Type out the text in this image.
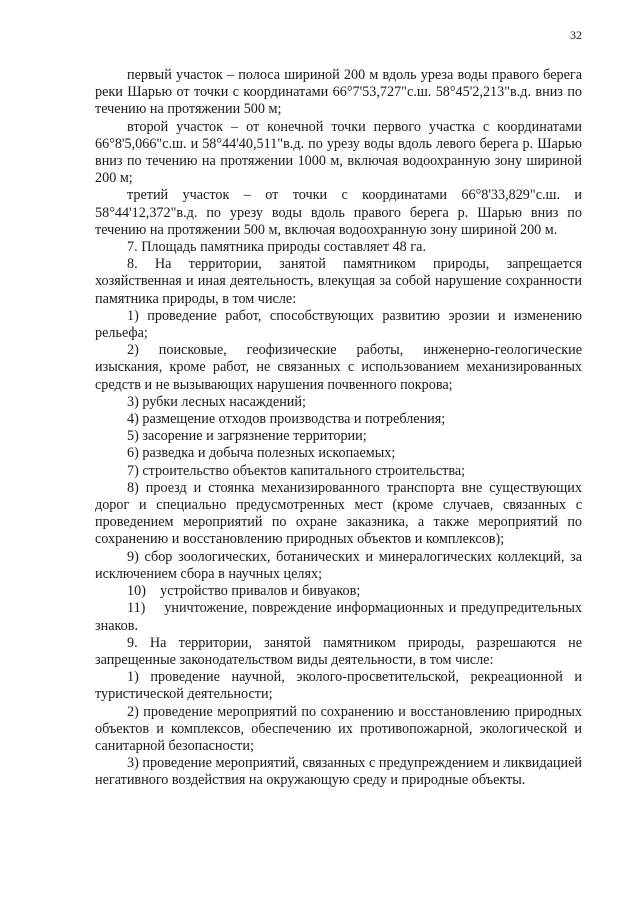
32

первый участок – полоса шириной 200 м вдоль уреза воды правого берега реки Шарью от точки с координатами 66°7'53,727"с.ш. 58°45'2,213"в.д. вниз по течению на протяжении 500 м;

второй участок – от конечной точки первого участка с координатами 66°8'5,066"с.ш. и 58°44'40,511"в.д. по урезу воды вдоль левого берега р. Шарью вниз по течению на протяжении 1000 м, включая водоохранную зону шириной 200 м;

третий участок – от точки с координатами 66°8'33,829"с.ш. и 58°44'12,372"в.д. по урезу воды вдоль правого берега р. Шарью вниз по течению на протяжении 500 м, включая водоохранную зону шириной 200 м.

7. Площадь памятника природы составляет 48 га.

8. На территории, занятой памятником природы, запрещается хозяйственная и иная деятельность, влекущая за собой нарушение сохранности памятника природы, в том числе:

1) проведение работ, способствующих развитию эрозии и изменению рельефа;

2) поисковые, геофизические работы, инженерно-геологические изыскания, кроме работ, не связанных с использованием механизированных средств и не вызывающих нарушения почвенного покрова;

3) рубки лесных насаждений;

4) размещение отходов производства и потребления;

5) засорение и загрязнение территории;

6) разведка и добыча полезных ископаемых;

7) строительство объектов капитального строительства;

8) проезд и стоянка механизированного транспорта вне существующих дорог и специально предусмотренных мест (кроме случаев, связанных с проведением мероприятий по охране заказника, а также мероприятий по сохранению и восстановлению природных объектов и комплексов);

9) сбор зоологических, ботанических и минералогических коллекций, за исключением сбора в научных целях;

10)    устройство привалов и бивуаков;

11)    уничтожение, повреждение информационных и предупредительных знаков.

9. На территории, занятой памятником природы, разрешаются не запрещенные законодательством виды деятельности, в том числе:

1) проведение научной, эколого-просветительской, рекреационной и туристической деятельности;

2) проведение мероприятий по сохранению и восстановлению природных объектов и комплексов, обеспечению их противопожарной, экологической и санитарной безопасности;

3) проведение мероприятий, связанных с предупреждением и ликвидацией негативного воздействия на окружающую среду и природные объекты.
